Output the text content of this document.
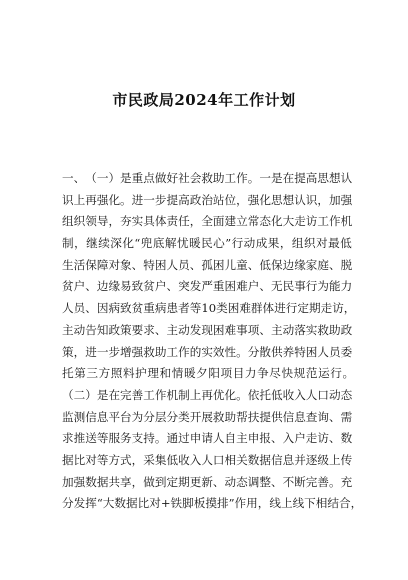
市民政局2024年工作计划
一 、 （ 一 ） 是 重 点 做 好 社 会 救 助 工 作 。 一 是 在 提 高 思 想 认
识 上 再 强 化 。 进 一 步 提 高 政 治 站 位 ， 强 化 思 想 认 识 ， 加 强
组 织 领 导 ， 夯 实 具 体 责 任 ， 全 面 建 立 常 态 化 大 走 访 工 作 机
制 ， 继 续 深 化 “ 兜 底 解 忧 暖 民 心 ” 行 动 成 果 ， 组 织 对 最 低
生 活 保 障 对 象 、 特 困 人 员 、 孤 困 儿 童 、 低 保 边 缘 家 庭 、 脱
贫 户 、 边 缘 易 致 贫 户 、 突 发 严 重 困 难 户 、 无 民 事 行 为 能 力
人 员 、 因 病 致 贫 重 病 患 者 等 1 0 类 困 难 群 体 进 行 定 期 走 访 ，
主 动 告 知 政 策 要 求 、 主 动 发 现 困 难 事 项 、 主 动 落 实 救 助 政
策 ， 进 一 步 增 强 救 助 工 作 的 实 效 性 。 分 散 供 养 特 困 人 员 委
托第三方照料护理和情暖夕阳项目力争尽快规范运行。
（ 二 ） 是 在 完 善 工 作 机 制 上 再 优 化 。 依 托 低 收 入 人 口 动 态
监 测 信 息 平 台 为 分 层 分 类 开 展 救 助 帮 扶 提 供 信 息 查 询 、 需
求 推 送 等 服 务 支 持 。 通 过 申 请 人 自 主 申 报 、 入 户 走 访 、 数
据 比 对 等 方 式 ， 采 集 低 收 入 人 口 相 关 数 据 信 息 并 逐 级 上 传
加 强 数 据 共 享 ， 做 到 定 期 更 新 、 动 态 调 整 、 不 断 完 善 。 充
分 发 挥 “ 大 数 据 比 对 + 铁 脚 板 摸 排 ” 作 用 ， 线 上 线 下 相 结 合 ，
